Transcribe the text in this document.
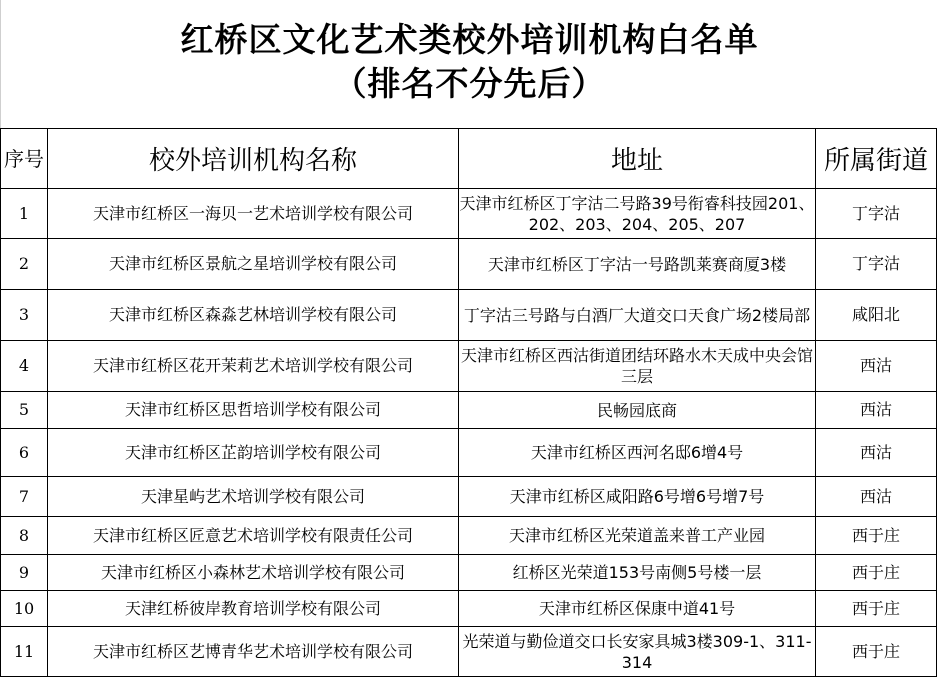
红桥区文化艺术类校外培训机构白名单
（排名不分先后）
序号	校外培训机构名称	地址	所属街道
1	天津市红桥区一海贝一艺术培训学校有限公司	天津市红桥区丁字沽二号路39号衔睿科技园201、202、203、204、205、207	丁字沽
2	天津市红桥区景航之星培训学校有限公司	天津市红桥区丁字沽一号路凯莱赛商厦3楼	丁字沽
3	天津市红桥区森淼艺林培训学校有限公司	丁字沽三号路与白酒厂大道交口天食广场2楼局部	咸阳北
4	天津市红桥区花开茉莉艺术培训学校有限公司	天津市红桥区西沽街道团结环路水木天成中央会馆三层	西沽
5	天津市红桥区思哲培训学校有限公司	民畅园底商	西沽
6	天津市红桥区芷韵培训学校有限公司	天津市红桥区西河名邸6增4号	西沽
7	天津星屿艺术培训学校有限公司	天津市红桥区咸阳路6号增6号增7号	西沽
8	天津市红桥区匠意艺术培训学校有限责任公司	天津市红桥区光荣道盖来普工产业园	西于庄
9	天津市红桥区小森林艺术培训学校有限公司	红桥区光荣道153号南侧5号楼一层	西于庄
10	天津红桥彼岸教育培训学校有限公司	天津市红桥区保康中道41号	西于庄
11	天津市红桥区艺博青华艺术培训学校有限公司	光荣道与勤俭道交口长安家具城3楼309-1、311-314	西于庄
